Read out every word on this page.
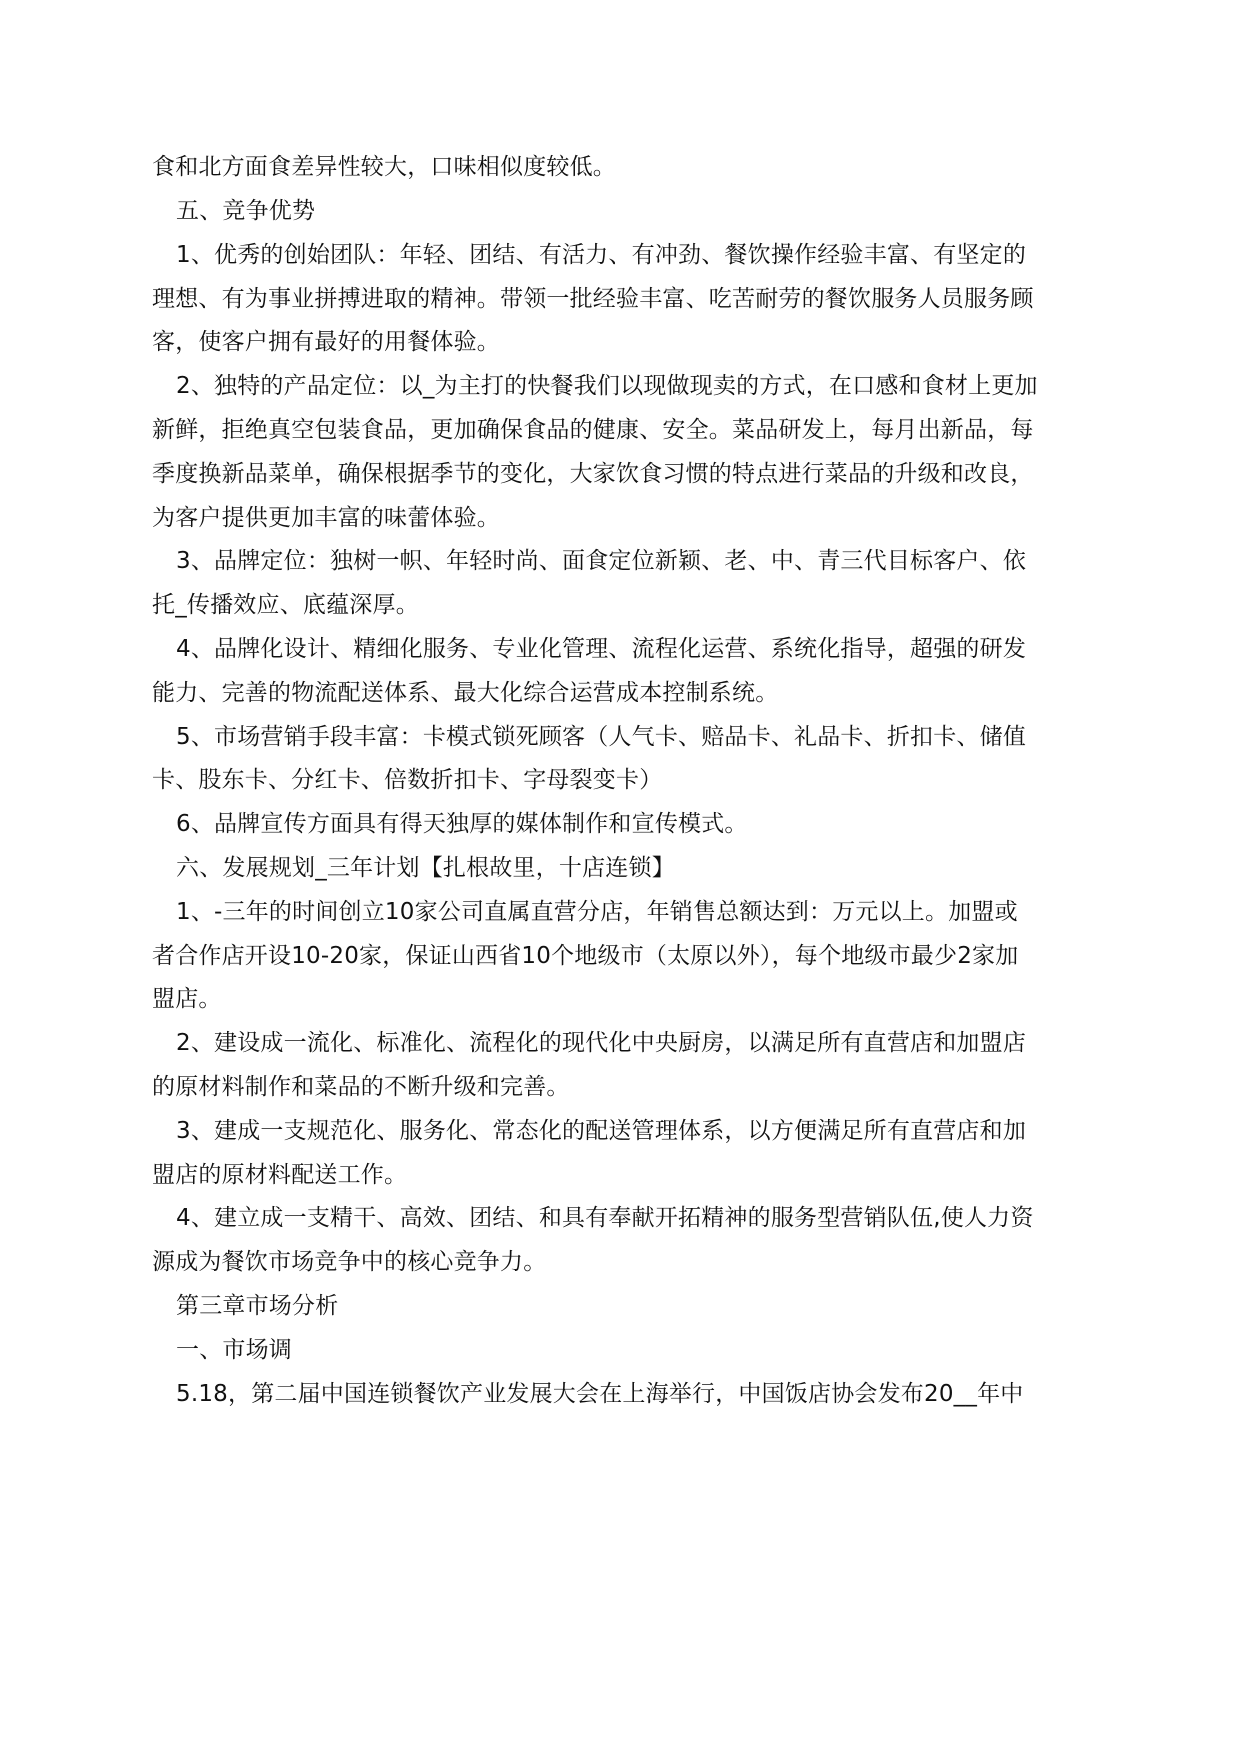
食和北方面食差异性较大，口味相似度较低。
五、竞争优势
1、优秀的创始团队：年轻、团结、有活力、有冲劲、餐饮操作经验丰富、有坚定的
理想、有为事业拼搏进取的精神。带领一批经验丰富、吃苦耐劳的餐饮服务人员服务顾
客，使客户拥有最好的用餐体验。
2、独特的产品定位：以_为主打的快餐我们以现做现卖的方式，在口感和食材上更加
新鲜，拒绝真空包装食品，更加确保食品的健康、安全。菜品研发上，每月出新品，每
季度换新品菜单，确保根据季节的变化，大家饮食习惯的特点进行菜品的升级和改良，
为客户提供更加丰富的味蕾体验。
3、品牌定位：独树一帜、年轻时尚、面食定位新颖、老、中、青三代目标客户、依
托_传播效应、底蕴深厚。
4、品牌化设计、精细化服务、专业化管理、流程化运营、系统化指导，超强的研发
能力、完善的物流配送体系、最大化综合运营成本控制系统。
5、市场营销手段丰富：卡模式锁死顾客（人气卡、赔品卡、礼品卡、折扣卡、储值
卡、股东卡、分红卡、倍数折扣卡、字母裂变卡）
6、品牌宣传方面具有得天独厚的媒体制作和宣传模式。
六、发展规划_三年计划【扎根故里，十店连锁】
1、-三年的时间创立10家公司直属直营分店，年销售总额达到：万元以上。加盟或
者合作店开设10-20家，保证山西省10个地级市（太原以外），每个地级市最少2家加
盟店。
2、建设成一流化、标准化、流程化的现代化中央厨房，以满足所有直营店和加盟店
的原材料制作和菜品的不断升级和完善。
3、建成一支规范化、服务化、常态化的配送管理体系，以方便满足所有直营店和加
盟店的原材料配送工作。
4、建立成一支精干、高效、团结、和具有奉献开拓精神的服务型营销队伍,使人力资
源成为餐饮市场竞争中的核心竞争力。
第三章市场分析
一、市场调
5.18，第二届中国连锁餐饮产业发展大会在上海举行，中国饭店协会发布20__年中
